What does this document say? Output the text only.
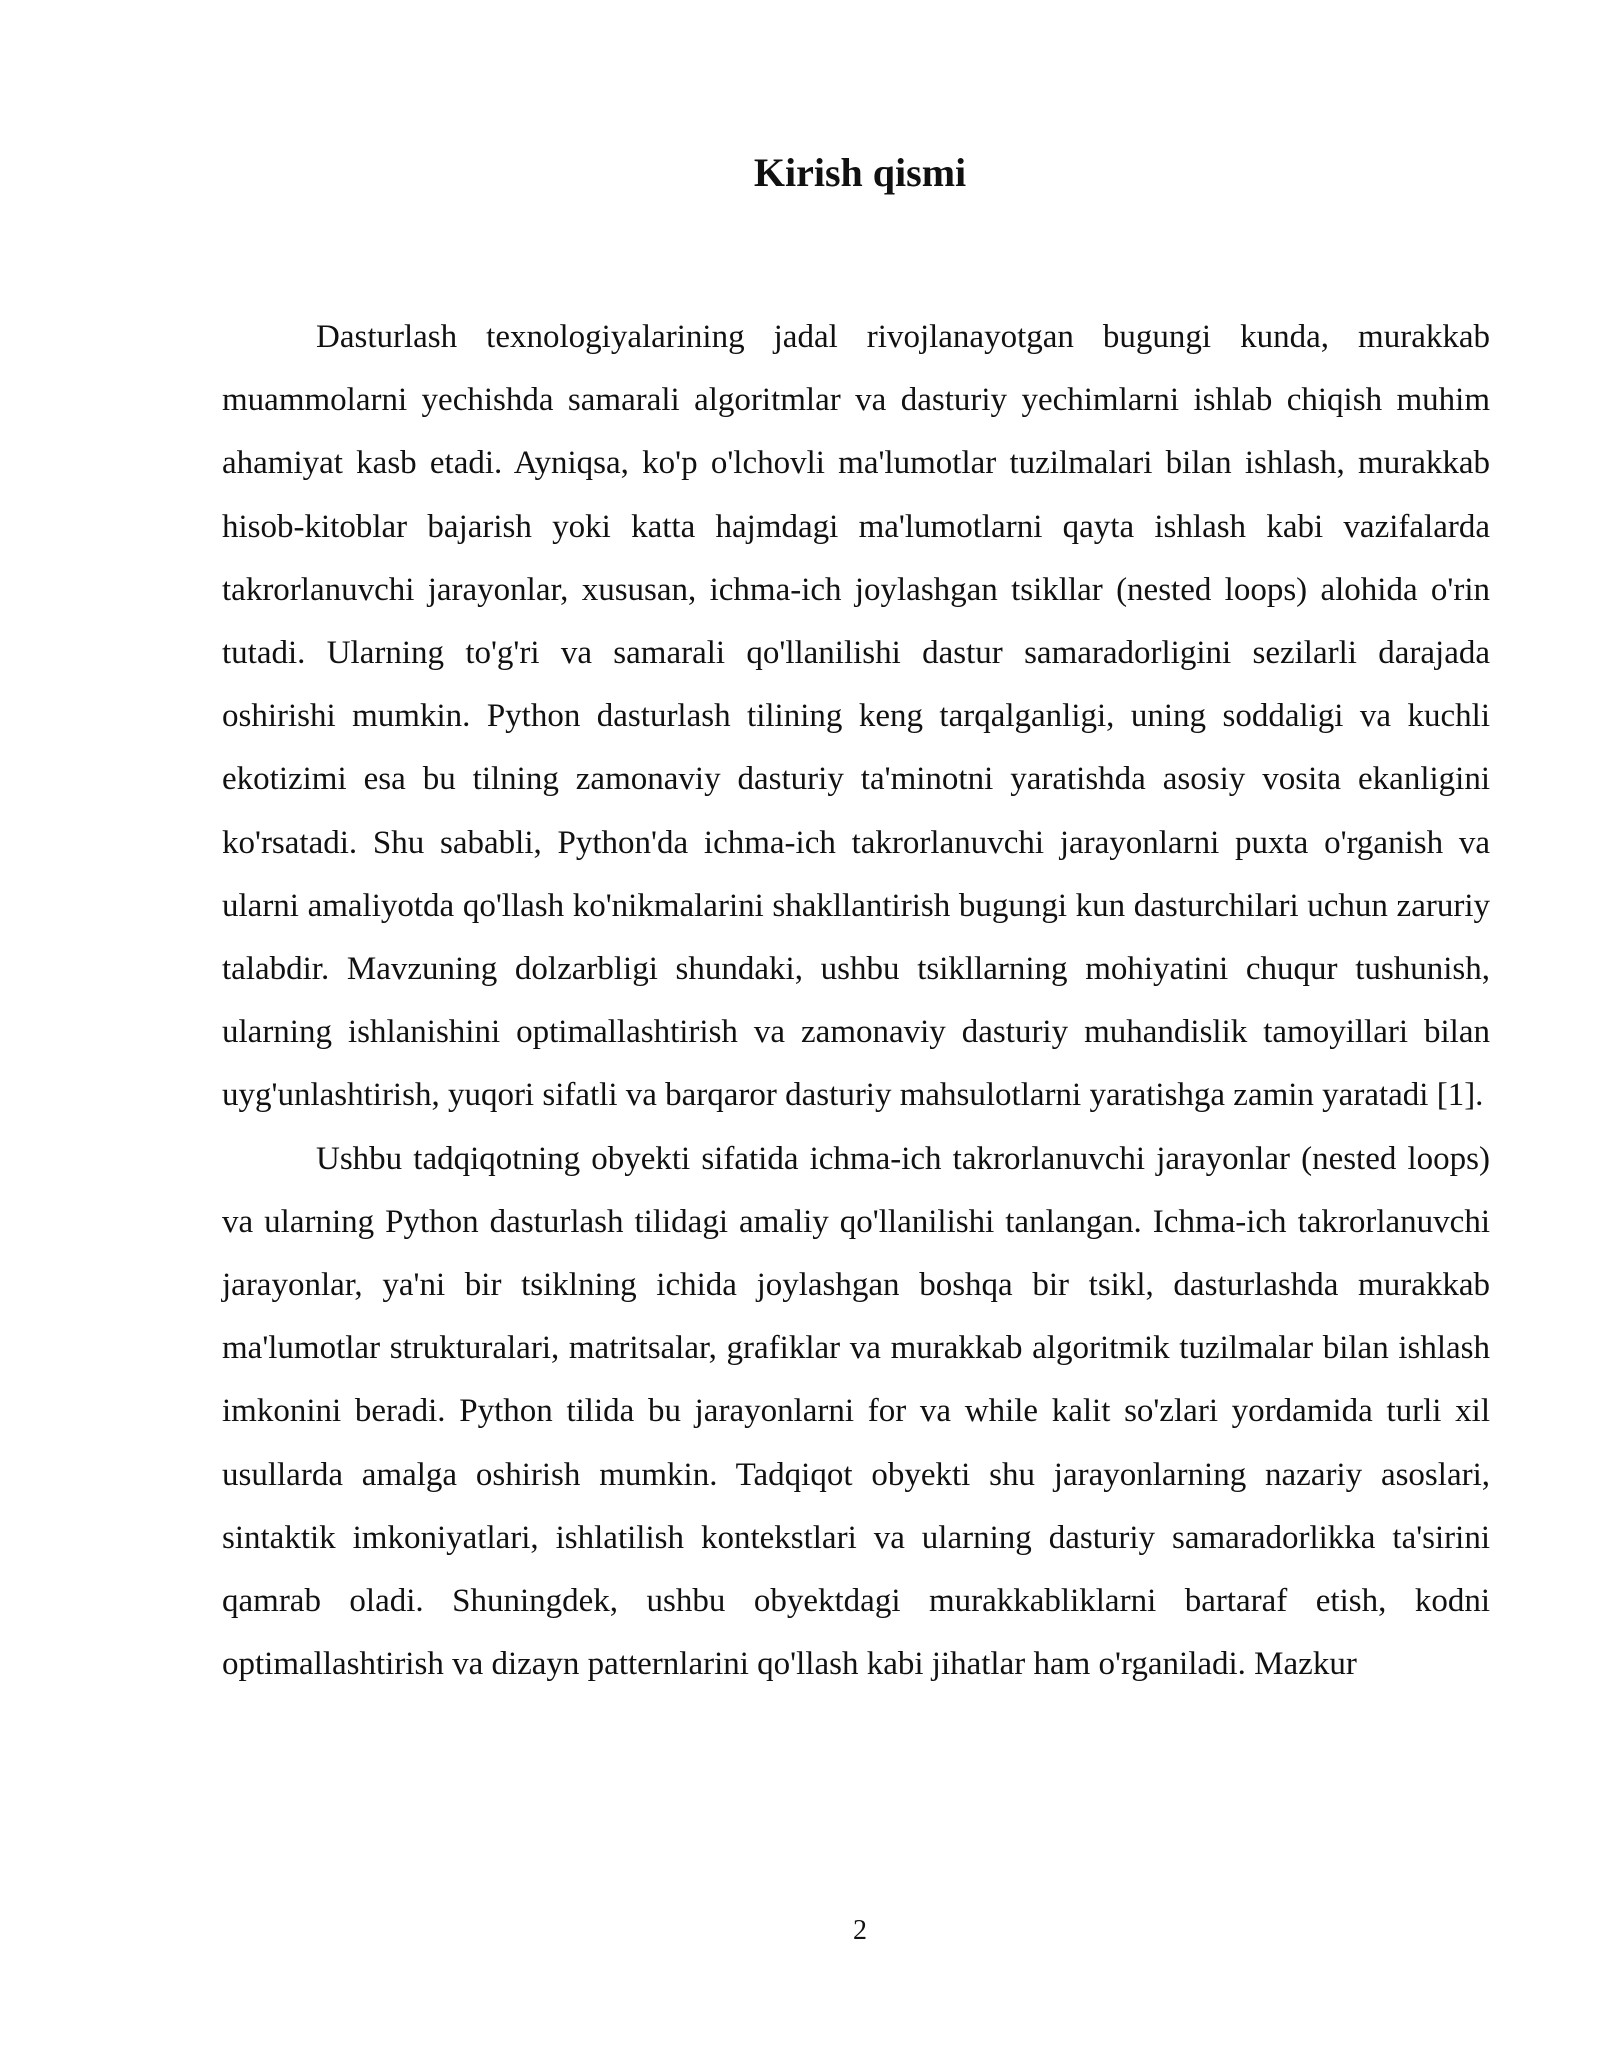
Kirish qismi

Dasturlash texnologiyalarining jadal rivojlanayotgan bugungi kunda, murakkab muammolarni yechishda samarali algoritmlar va dasturiy yechimlarni ishlab chiqish muhim ahamiyat kasb etadi. Ayniqsa, ko'p o'lchovli ma'lumotlar tuzilmalari bilan ishlash, murakkab hisob-kitoblar bajarish yoki katta hajmdagi ma'lumotlarni qayta ishlash kabi vazifalarda takrorlanuvchi jarayonlar, xususan, ichma-ich joylashgan tsikllar (nested loops) alohida o'rin tutadi. Ularning to'g'ri va samarali qo'llanilishi dastur samaradorligini sezilarli darajada oshirishi mumkin. Python dasturlash tilining keng tarqalganligi, uning soddaligi va kuchli ekotizimi esa bu tilning zamonaviy dasturiy ta'minotni yaratishda asosiy vosita ekanligini ko'rsatadi. Shu sababli, Python'da ichma-ich takrorlanuvchi jarayonlarni puxta o'rganish va ularni amaliyotda qo'llash ko'nikmalarini shakllantirish bugungi kun dasturchilari uchun zaruriy talabdir. Mavzuning dolzarbligi shundaki, ushbu tsikllarning mohiyatini chuqur tushunish, ularning ishlanishini optimallashtirish va zamonaviy dasturiy muhandislik tamoyillari bilan uyg'unlashtirish, yuqori sifatli va barqaror dasturiy mahsulotlarni yaratishga zamin yaratadi [1].

Ushbu tadqiqotning obyekti sifatida ichma-ich takrorlanuvchi jarayonlar (nested loops) va ularning Python dasturlash tilidagi amaliy qo'llanilishi tanlangan. Ichma-ich takrorlanuvchi jarayonlar, ya'ni bir tsiklning ichida joylashgan boshqa bir tsikl, dasturlashda murakkab ma'lumotlar strukturalari, matritsalar, grafiklar va murakkab algoritmik tuzilmalar bilan ishlash imkonini beradi. Python tilida bu jarayonlarni for va while kalit so'zlari yordamida turli xil usullarda amalga oshirish mumkin. Tadqiqot obyekti shu jarayonlarning nazariy asoslari, sintaktik imkoniyatlari, ishlatilish kontekstlari va ularning dasturiy samaradorlikka ta'sirini qamrab oladi. Shuningdek, ushbu obyektdagi murakkabliklarni bartaraf etish, kodni optimallashtirish va dizayn patternlarini qo'llash kabi jihatlar ham o'rganiladi. Mazkur

2
